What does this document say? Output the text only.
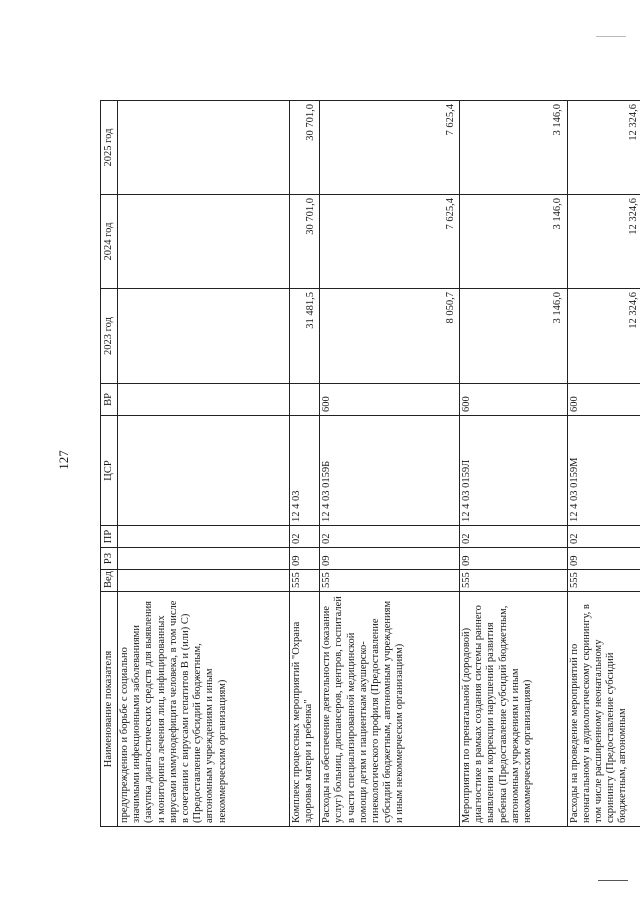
127
Наименование показателя	Вед	РЗ	ПР	ЦСР	ВР	2023 год	2024 год	2025 год
предупреждению и борьбе с социально значимыми инфекционными заболеваниями (закупка диагностических средств для выявления и мониторинга лечения лиц, инфицированных вирусами иммунодефицита человека, в том числе в сочетании с вирусами гепатитов В и (или) С) (Предоставление субсидий бюджетным, автономным учреждениям и иным некоммерческим организациям)								
Комплекс процессных мероприятий "Охрана здоровья матери и ребенка"	555	09	02	12 4 03		31 481,5	30 701,0	30 701,0
Расходы на обеспечение деятельности (оказание услуг) больниц, диспансеров, центров, госпиталей в части специализированной медицинской помощи детям и пациенткам акушерско-гинекологического профиля (Предоставление субсидий бюджетным, автономным учреждениям и иным некоммерческим организациям)	555	09	02	12 4 03 0159Б	600	8 050,7	7 625,4	7 625,4
Мероприятия по пренатальной (дородовой) диагностике в рамках создания системы раннего выявления и коррекции нарушений развития ребенка (Предоставление субсидий бюджетным, автономным учреждениям и иным некоммерческим организациям)	555	09	02	12 4 03 0159Л	600	3 146,0	3 146,0	3 146,0
Расходы на проведение мероприятий по неонатальному и аудиологическому скринингу, в том числе расширенному неонатальному скринингу (Предоставление субсидий бюджетным, автономным	555	09	02	12 4 03 0159М	600	12 324,6	12 324,6	12 324,6
